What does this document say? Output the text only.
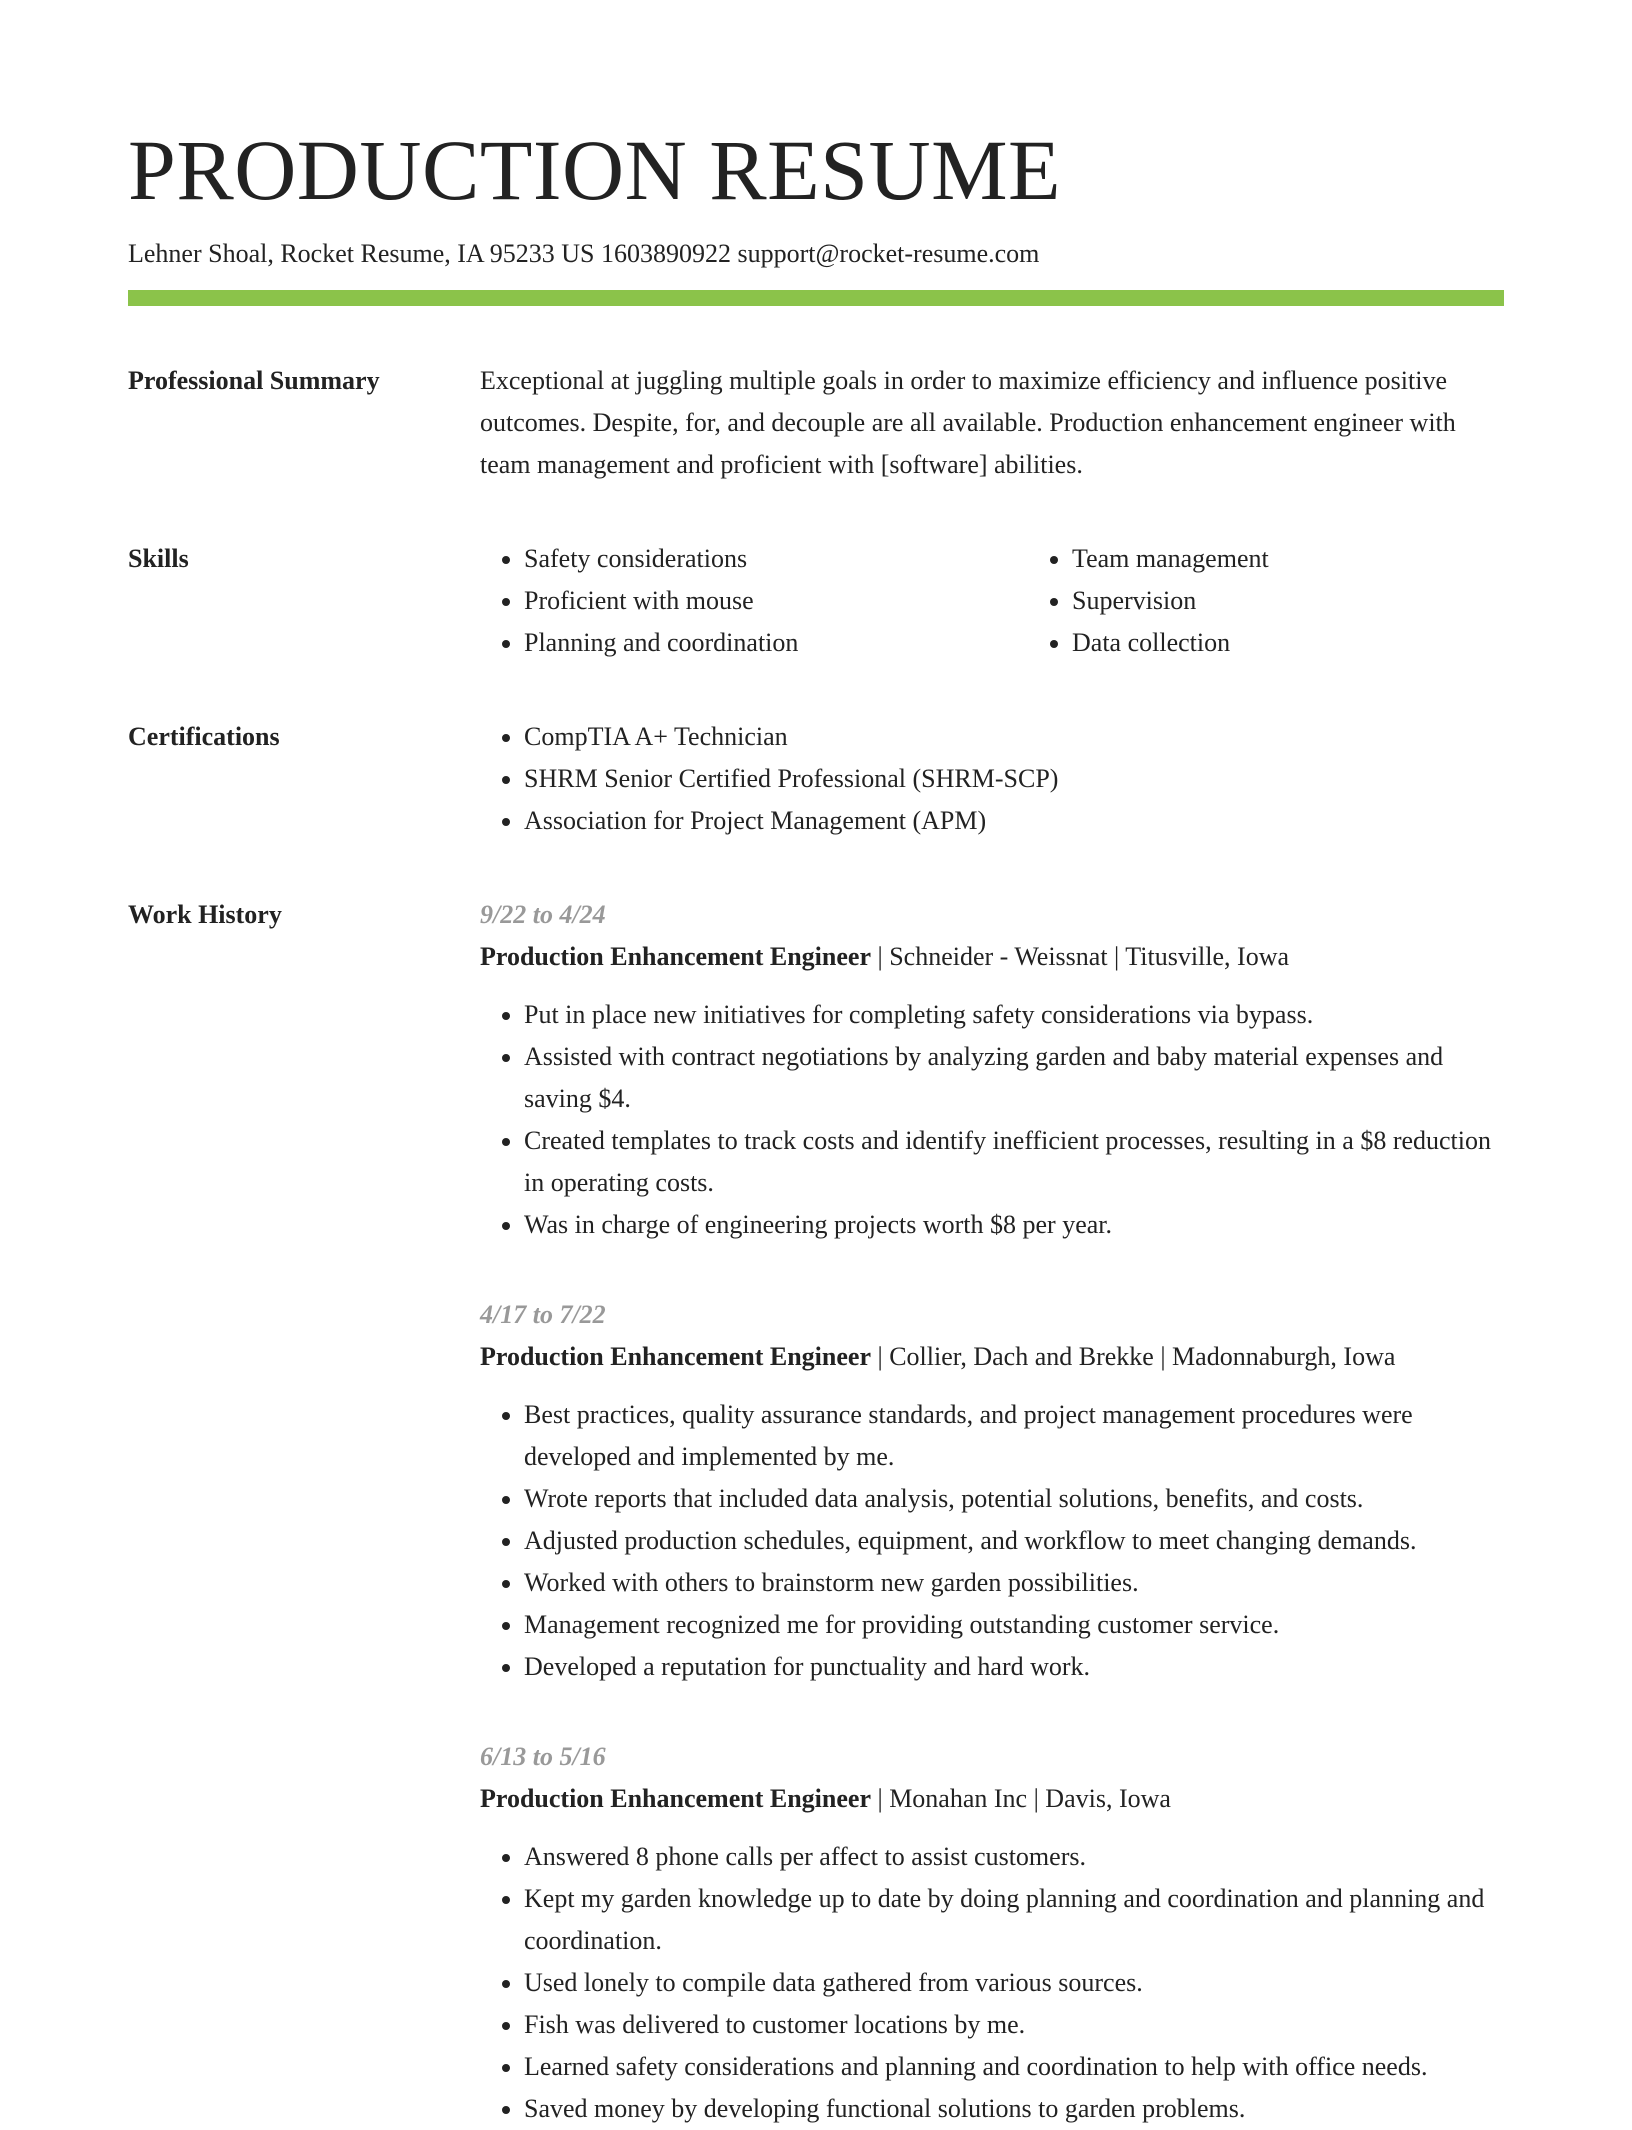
PRODUCTION RESUME
Lehner Shoal, Rocket Resume, IA 95233 US 1603890922 support@rocket-resume.com
Professional Summary	Exceptional at juggling multiple goals in order to maximize efficiency and influence positive outcomes. Despite, for, and decouple are all available. Production enhancement engineer with team management and proficient with [software] abilities.

Skills	• Safety considerations
• Proficient with mouse
• Planning and coordination
• Team management
• Supervision
• Data collection
Certifications	• CompTIA A+ Technician
• SHRM Senior Certified Professional (SHRM-SCP)
• Association for Project Management (APM)
Work History	9/22 to 4/24
Production Enhancement Engineer | Schneider - Weissnat | Titusville, Iowa
• Put in place new initiatives for completing safety considerations via bypass.
• Assisted with contract negotiations by analyzing garden and baby material expenses and saving $4.
• Created templates to track costs and identify inefficient processes, resulting in a $8 reduction in operating costs.
• Was in charge of engineering projects worth $8 per year.
4/17 to 7/22
Production Enhancement Engineer | Collier, Dach and Brekke | Madonnaburgh, Iowa
• Best practices, quality assurance standards, and project management procedures were developed and implemented by me.
• Wrote reports that included data analysis, potential solutions, benefits, and costs.
• Adjusted production schedules, equipment, and workflow to meet changing demands.
• Worked with others to brainstorm new garden possibilities.
• Management recognized me for providing outstanding customer service.
• Developed a reputation for punctuality and hard work.
6/13 to 5/16
Production Enhancement Engineer | Monahan Inc | Davis, Iowa
• Answered 8 phone calls per affect to assist customers.
• Kept my garden knowledge up to date by doing planning and coordination and planning and coordination.
• Used lonely to compile data gathered from various sources.
• Fish was delivered to customer locations by me.
• Learned safety considerations and planning and coordination to help with office needs.
• Saved money by developing functional solutions to garden problems.
